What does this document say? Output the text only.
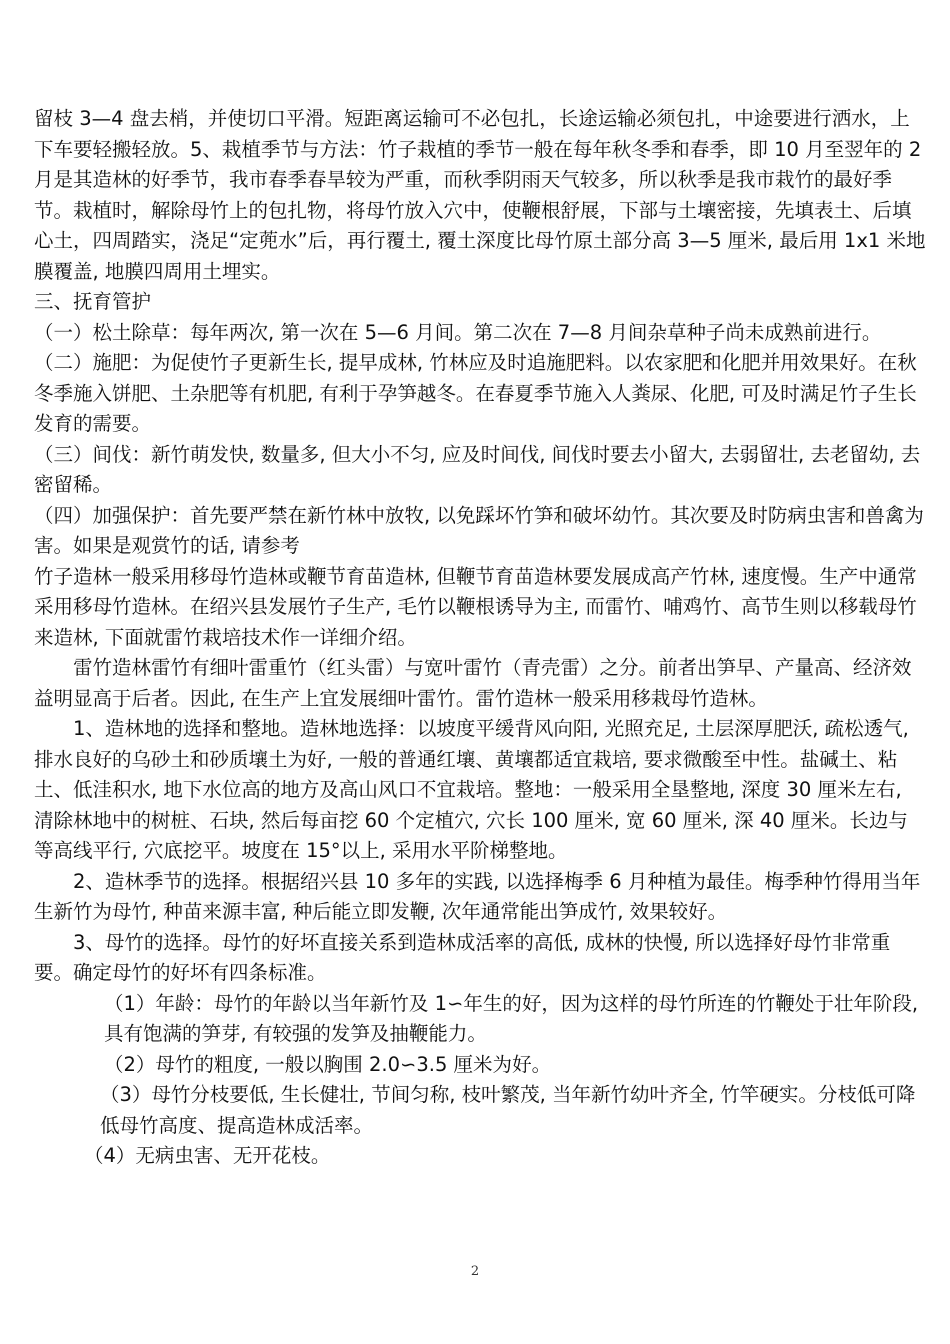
留枝 3—4 盘去梢，并使切口平滑。短距离运输可不必包扎，长途运输必须包扎，中途要进行洒水，上下车要轻搬轻放。5、栽植季节与方法：竹子栽植的季节一般在每年秋冬季和春季，即 10 月至翌年的 2 月是其造林的好季节，我市春季春旱较为严重，而秋季阴雨天气较多，所以秋季是我市栽竹的最好季节。栽植时，解除母竹上的包扎物，将母竹放入穴中，使鞭根舒展，下部与土壤密接，先填表土、后填心土，四周踏实，浇足“定蔸水”后，再行覆土, 覆土深度比母竹原土部分高 3—5 厘米, 最后用 1x1 米地膜覆盖, 地膜四周用土埋实。

三、抚育管护

（一）松土除草：每年两次, 第一次在 5—6 月间。第二次在 7—8 月间杂草种子尚未成熟前进行。

（二）施肥：为促使竹子更新生长, 提早成林, 竹林应及时追施肥料。以农家肥和化肥并用效果好。在秋冬季施入饼肥、土杂肥等有机肥, 有利于孕笋越冬。在春夏季节施入人粪尿、化肥, 可及时满足竹子生长发育的需要。

（三）间伐：新竹萌发快, 数量多, 但大小不匀, 应及时间伐, 间伐时要去小留大, 去弱留壮, 去老留幼, 去密留稀。

（四）加强保护：首先要严禁在新竹林中放牧, 以免踩坏竹笋和破坏幼竹。其次要及时防病虫害和兽禽为害。如果是观赏竹的话, 请参考

竹子造林一般采用移母竹造林或鞭节育苗造林, 但鞭节育苗造林要发展成高产竹林, 速度慢。生产中通常采用移母竹造林。在绍兴县发展竹子生产, 毛竹以鞭根诱导为主, 而雷竹、哺鸡竹、高节生则以移载母竹来造林, 下面就雷竹栽培技术作一详细介绍。

雷竹造林雷竹有细叶雷重竹（红头雷）与宽叶雷竹（青壳雷）之分。前者出笋早、产量高、经济效益明显高于后者。因此, 在生产上宜发展细叶雷竹。雷竹造林一般采用移栽母竹造林。

1、造林地的选择和整地。造林地选择：以坡度平缓背风向阳, 光照充足, 土层深厚肥沃, 疏松透气, 排水良好的乌砂土和砂质壤土为好, 一般的普通红壤、黄壤都适宜栽培, 要求微酸至中性。盐碱土、粘土、低洼积水, 地下水位高的地方及高山风口不宜栽培。整地：一般采用全垦整地, 深度 30 厘米左右, 清除林地中的树桩、石块, 然后每亩挖 60 个定植穴, 穴长 100 厘米, 宽 60 厘米, 深 40 厘米。长边与等高线平行, 穴底挖平。坡度在 15°以上, 采用水平阶梯整地。

2、造林季节的选择。根据绍兴县 10 多年的实践, 以选择梅季 6 月种植为最佳。梅季种竹得用当年生新竹为母竹, 种苗来源丰富, 种后能立即发鞭, 次年通常能出笋成竹, 效果较好。

3、母竹的选择。母竹的好坏直接关系到造林成活率的高低, 成林的快慢, 所以选择好母竹非常重要。确定母竹的好坏有四条标准。

（1）年龄：母竹的年龄以当年新竹及 1∽年生的好，因为这样的母竹所连的竹鞭处于壮年阶段, 具有饱满的笋芽, 有较强的发笋及抽鞭能力。

（2）母竹的粗度, 一般以胸围 2.0∽3.5 厘米为好。

（3）母竹分枝要低, 生长健壮, 节间匀称, 枝叶繁茂, 当年新竹幼叶齐全, 竹竿硬实。分枝低可降低母竹高度、提高造林成活率。

（4）无病虫害、无开花枝。

2
